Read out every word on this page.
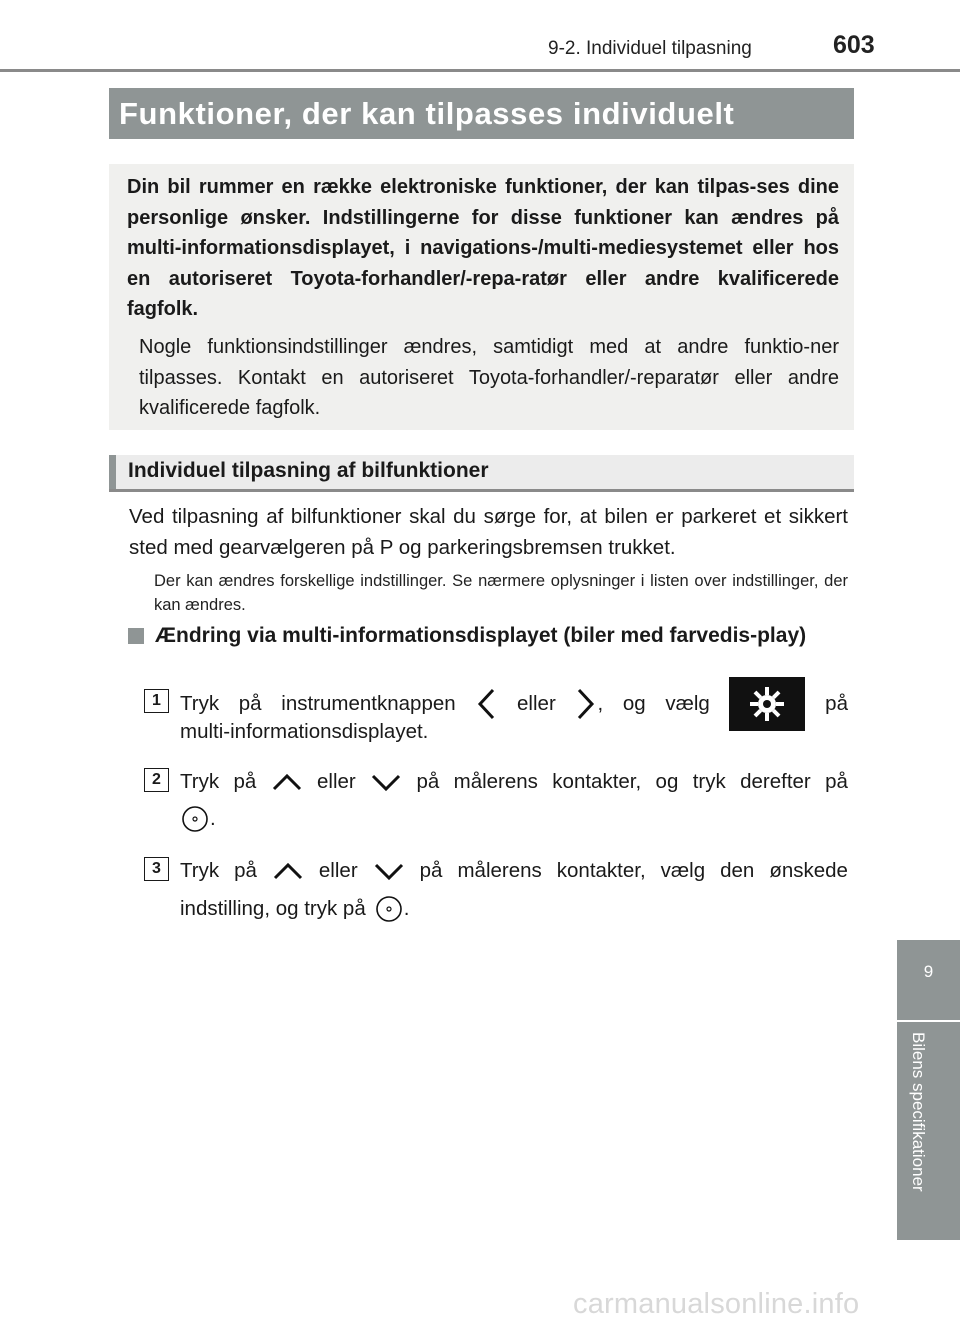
9-2. Individuel tilpasning	603
Funktioner, der kan tilpasses individuelt

Din bil rummer en række elektroniske funktioner, der kan tilpas-ses dine personlige ønsker. Indstillingerne for disse funktioner kan ændres på multi-informationsdisplayet, i navigations-/multi-mediesystemet eller hos en autoriseret Toyota-forhandler/-repa-ratør eller andre kvalificerede fagfolk.

Nogle funktionsindstillinger ændres, samtidigt med at andre funktio-ner tilpasses. Kontakt en autoriseret Toyota-forhandler/-reparatør eller andre kvalificerede fagfolk.

Individuel tilpasning af bilfunktioner

Ved tilpasning af bilfunktioner skal du sørge for, at bilen er parkeret et sikkert sted med gearvælgeren på P og parkeringsbremsen trukket.

Der kan ændres forskellige indstillinger. Se nærmere oplysninger i listen over indstillinger, der kan ændres.

Ændring via multi-informationsdisplayet (biler med farvedis-play)
1 Tryk på instrumentknappen	eller , og vælg	på
multi-informationsdisplayet.
2 Tryk på	eller	på målerens kontakter, og tryk derefter på
.
3 Tryk på	eller	på målerens kontakter, vælg den ønskede
indstilling, og tryk på .
9
Bilens specifikationer
carmanualsonline.info
